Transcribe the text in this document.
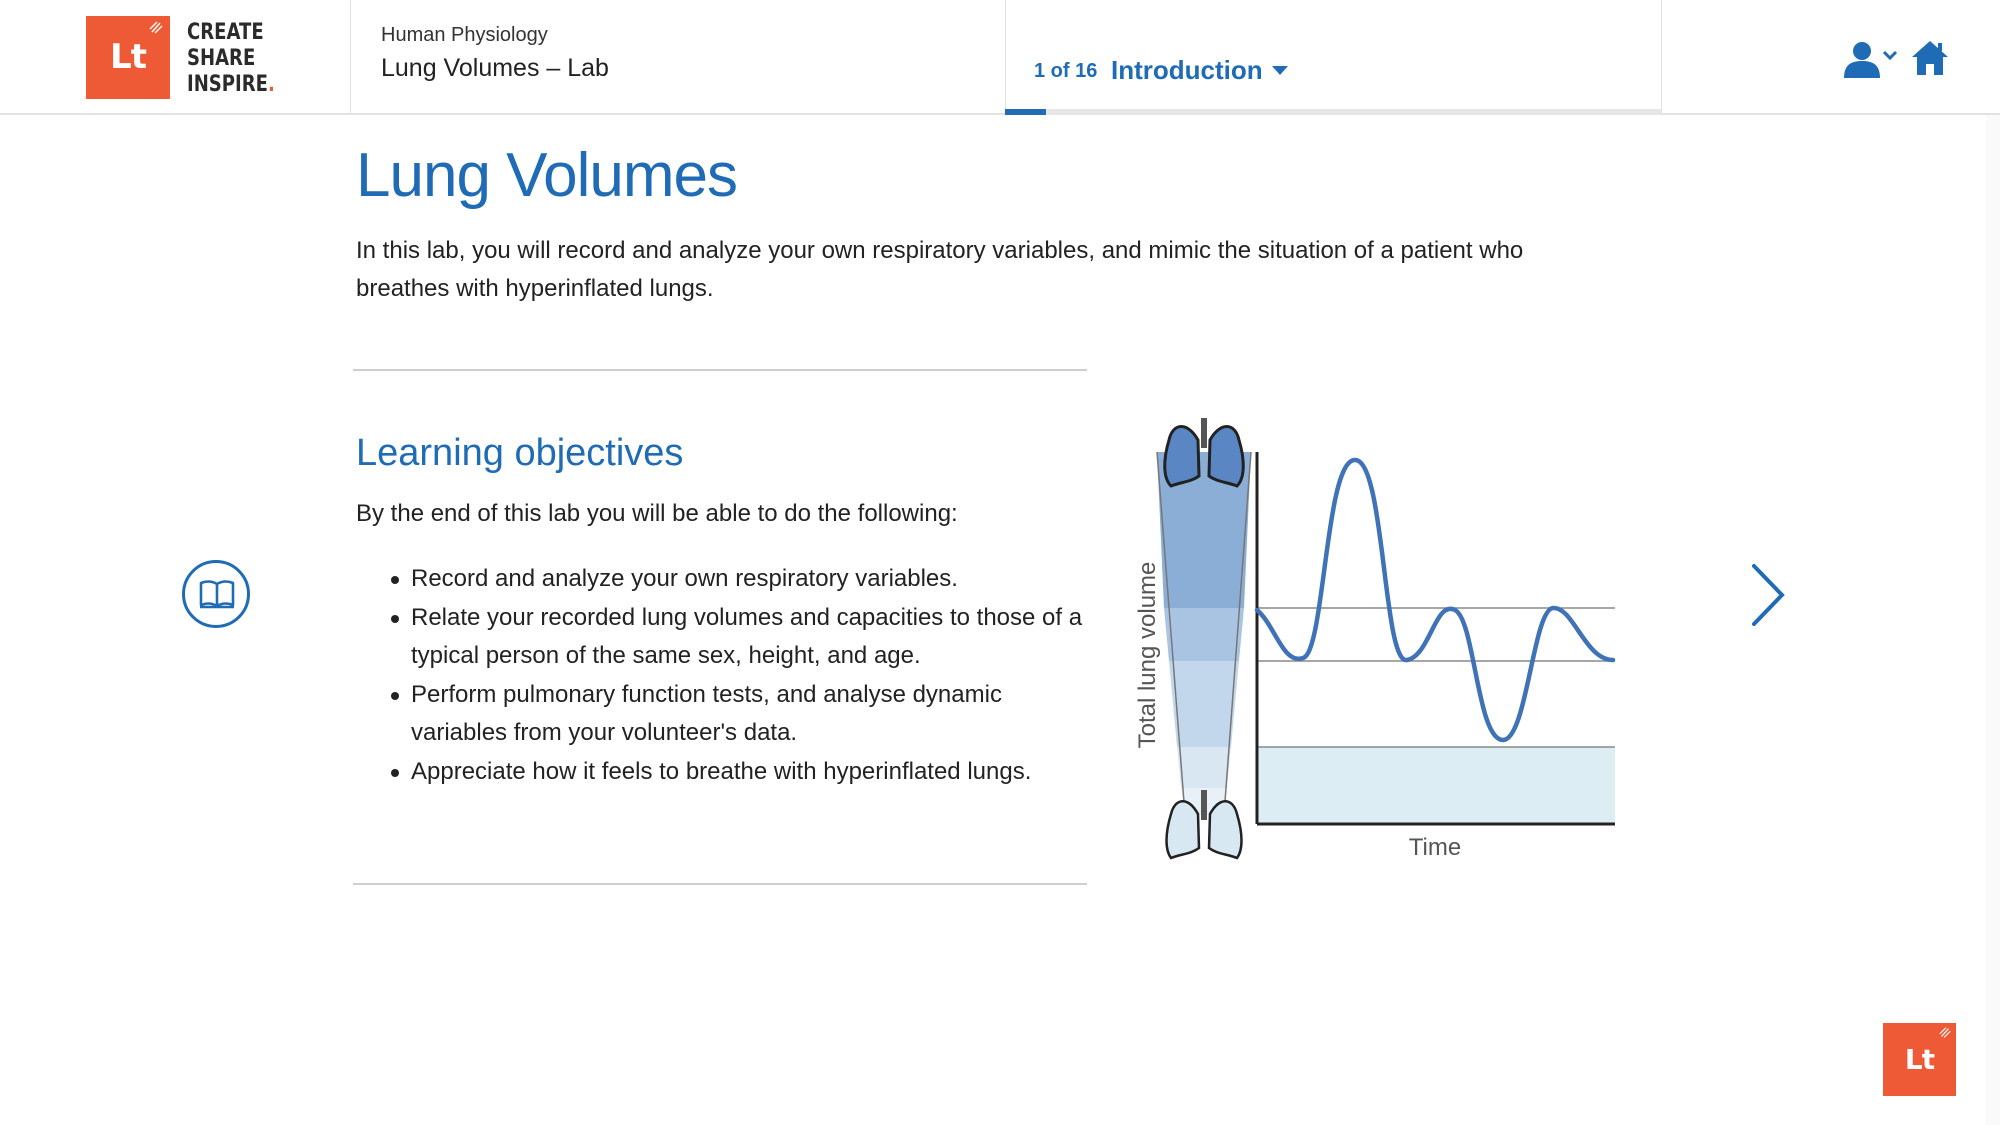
Lt
CREATE
SHARE
INSPIRE.
Human Physiology
Lung Volumes – Lab	1 of 16 Introduction
Lung Volumes
In this lab, you will record and analyze your own respiratory variables, and mimic the situation of a patient who breathes with hyperinflated lungs.
Learning objectives
By the end of this lab you will be able to do the following:
Record and analyze your own respiratory variables.
Relate your recorded lung volumes and capacities to those of a typical person of the same sex, height, and age.
Perform pulmonary function tests, and analyse dynamic variables from your volunteer's data.
Appreciate how it feels to breathe with hyperinflated lungs.
Total lung volume
Time
Lt
